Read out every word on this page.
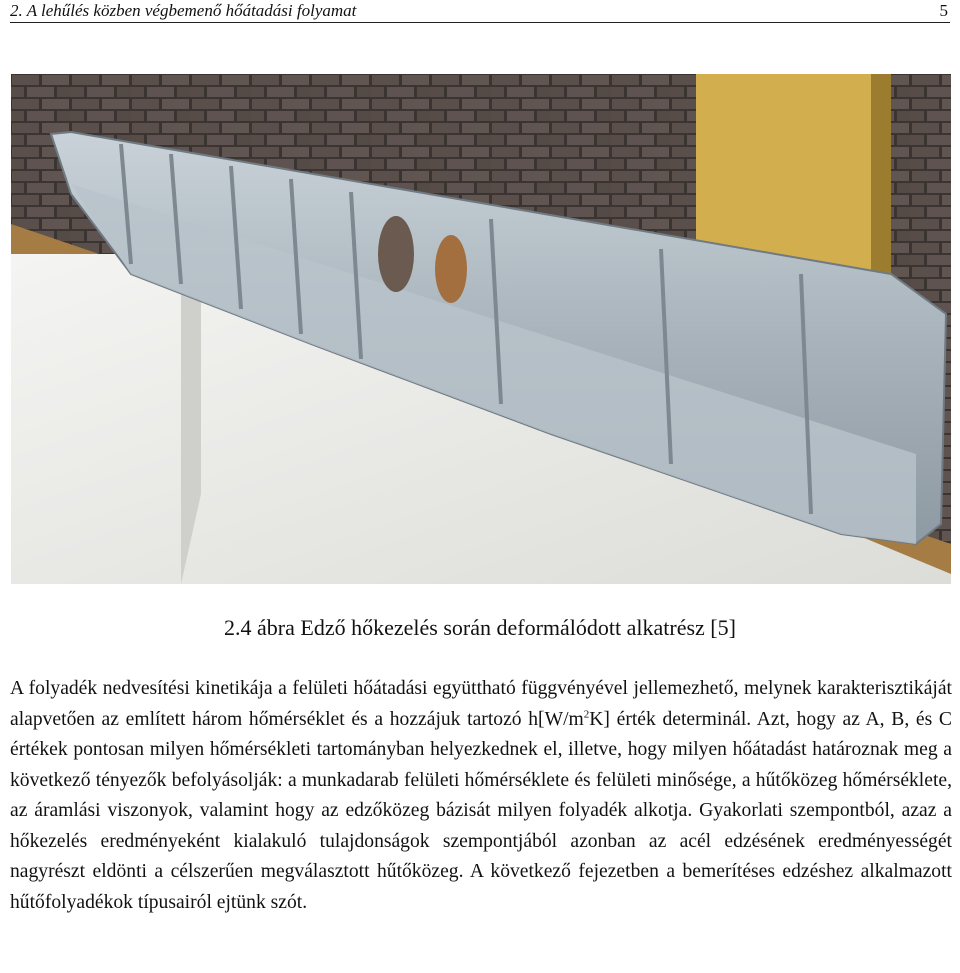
2. A lehűlés közben végbemenő hőátadási folyamat	5
2.4 ábra Edző hőkezelés során deformálódott alkatrész [5]

A folyadék nedvesítési kinetikája a felületi hőátadási együttható függvényével jellemezhető, melynek karakterisztikáját alapvetően az említett három hőmérséklet és a hozzájuk tartozó $h[W/m^2K]$ érték determinál. Azt, hogy az A, B, és C értékek pontosan milyen hőmérsékleti tartományban helyezkednek el, illetve, hogy milyen hőátadást határoznak meg a következő tényezők befolyásolják: a munkadarab felületi hőmérséklete és felületi minősége, a hűtőközeg hőmérséklete, az áramlási viszonyok, valamint hogy az edzőközeg bázisát milyen folyadék alkotja. Gyakorlati szempontból, azaz a hőkezelés eredményeként kialakuló tulajdonságok szempontjából azonban az acél edzésének eredményességét nagyrészt eldönti a célszerűen megválasztott hűtőközeg. A következő fejezetben a bemerítéses edzéshez alkalmazott hűtőfolyadékok típusairól ejtünk szót.
